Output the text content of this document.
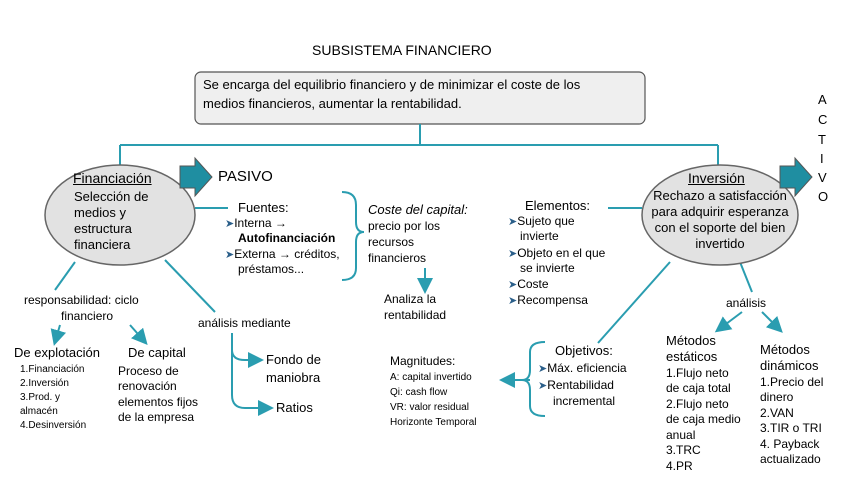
SUBSISTEMA FINANCIERO
Se encarga del equilibrio financiero y de minimizar el coste de los
medios financieros, aumentar la rentabilidad.	A
C
T
I
V
O
PASIVO
Financiación
Selección de
medios y
estructura
financiera
Fuentes:
➤Interna →
Autofinanciación
➤Externa → créditos,
préstamos...
Coste del capital:
precio por los
recursos
financieros
Analiza la
rentabilidad
Elementos:
➤Sujeto que
invierte
➤Objeto en el que
se invierte
➤Coste
➤Recompensa
Inversión
Rechazo a satisfacción
para adquirir esperanza
con el soporte del bien
invertido
responsabilidad: ciclo
financiero
De explotación
1.Financiación
2.Inversión
3.Prod. y
almacén
4.Desinversión
De capital
Proceso de
renovación
elementos fijos
de la empresa
análisis mediante
Fondo de
maniobra
Ratios
Magnitudes:
A: capital invertido
Qi: cash flow
VR: valor residual
Horizonte Temporal
Objetivos:
➤Máx. eficiencia
➤Rentabilidad
incremental
análisis
Métodos
estáticos
1.Flujo neto
de caja total
2.Flujo neto
de caja medio
anual
3.TRC
4.PR
Métodos
dinámicos
1.Precio del
dinero
2.VAN
3.TIR o TRI
4. Payback
actualizado
